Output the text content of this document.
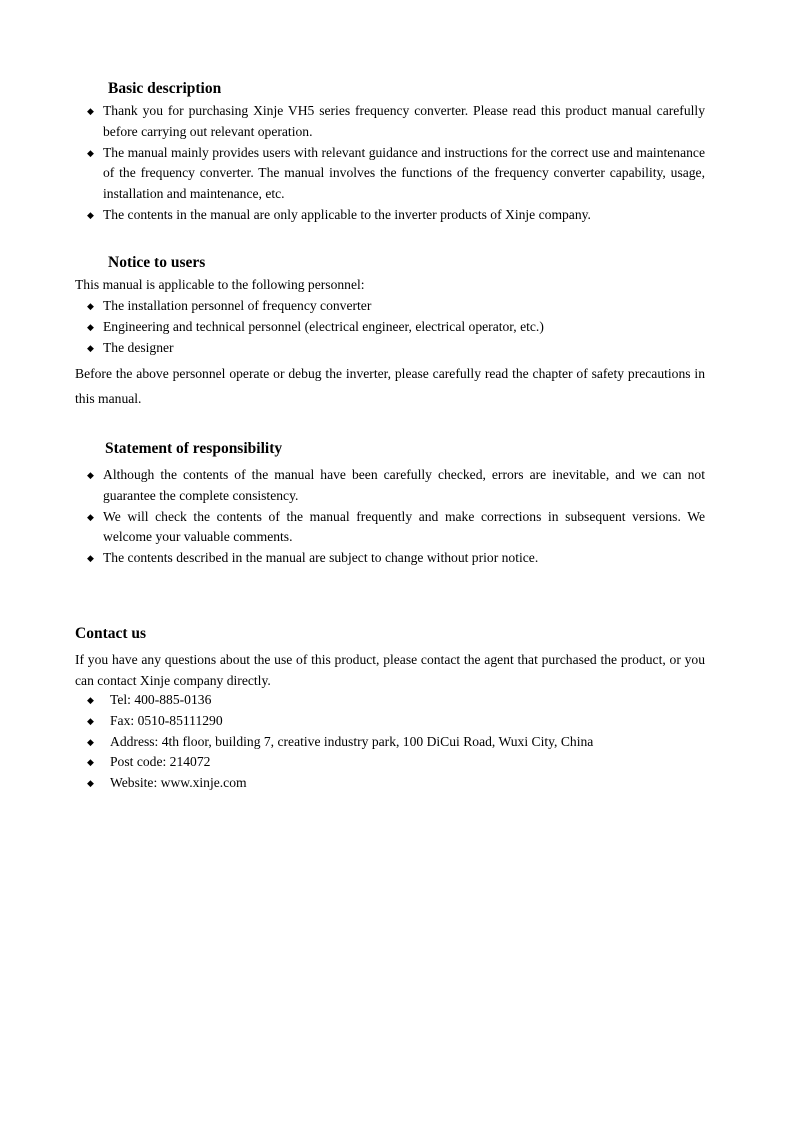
Basic description
◆ Thank you for purchasing Xinje VH5 series frequency converter. Please read this product manual carefully before carrying out relevant operation.
◆ The manual mainly provides users with relevant guidance and instructions for the correct use and maintenance of the frequency converter. The manual involves the functions of the frequency converter capability, usage, installation and maintenance, etc.
◆ The contents in the manual are only applicable to the inverter products of Xinje company.
Notice to users

This manual is applicable to the following personnel:

◆ The installation personnel of frequency converter
◆ Engineering and technical personnel (electrical engineer, electrical operator, etc.)
◆ The designer

Before the above personnel operate or debug the inverter, please carefully read the chapter of safety precautions in this manual.

Statement of responsibility
◆ Although the contents of the manual have been carefully checked, errors are inevitable, and we can not guarantee the complete consistency.
◆ We will check the contents of the manual frequently and make corrections in subsequent versions. We welcome your valuable comments.
◆ The contents described in the manual are subject to change without prior notice.
Contact us

If you have any questions about the use of this product, please contact the agent that purchased the product, or you can contact Xinje company directly.

◆ Tel: 400-885-0136
◆ Fax: 0510-85111290
◆ Address: 4th floor, building 7, creative industry park, 100 DiCui Road, Wuxi City, China
◆ Post code: 214072
◆ Website: www.xinje.com
